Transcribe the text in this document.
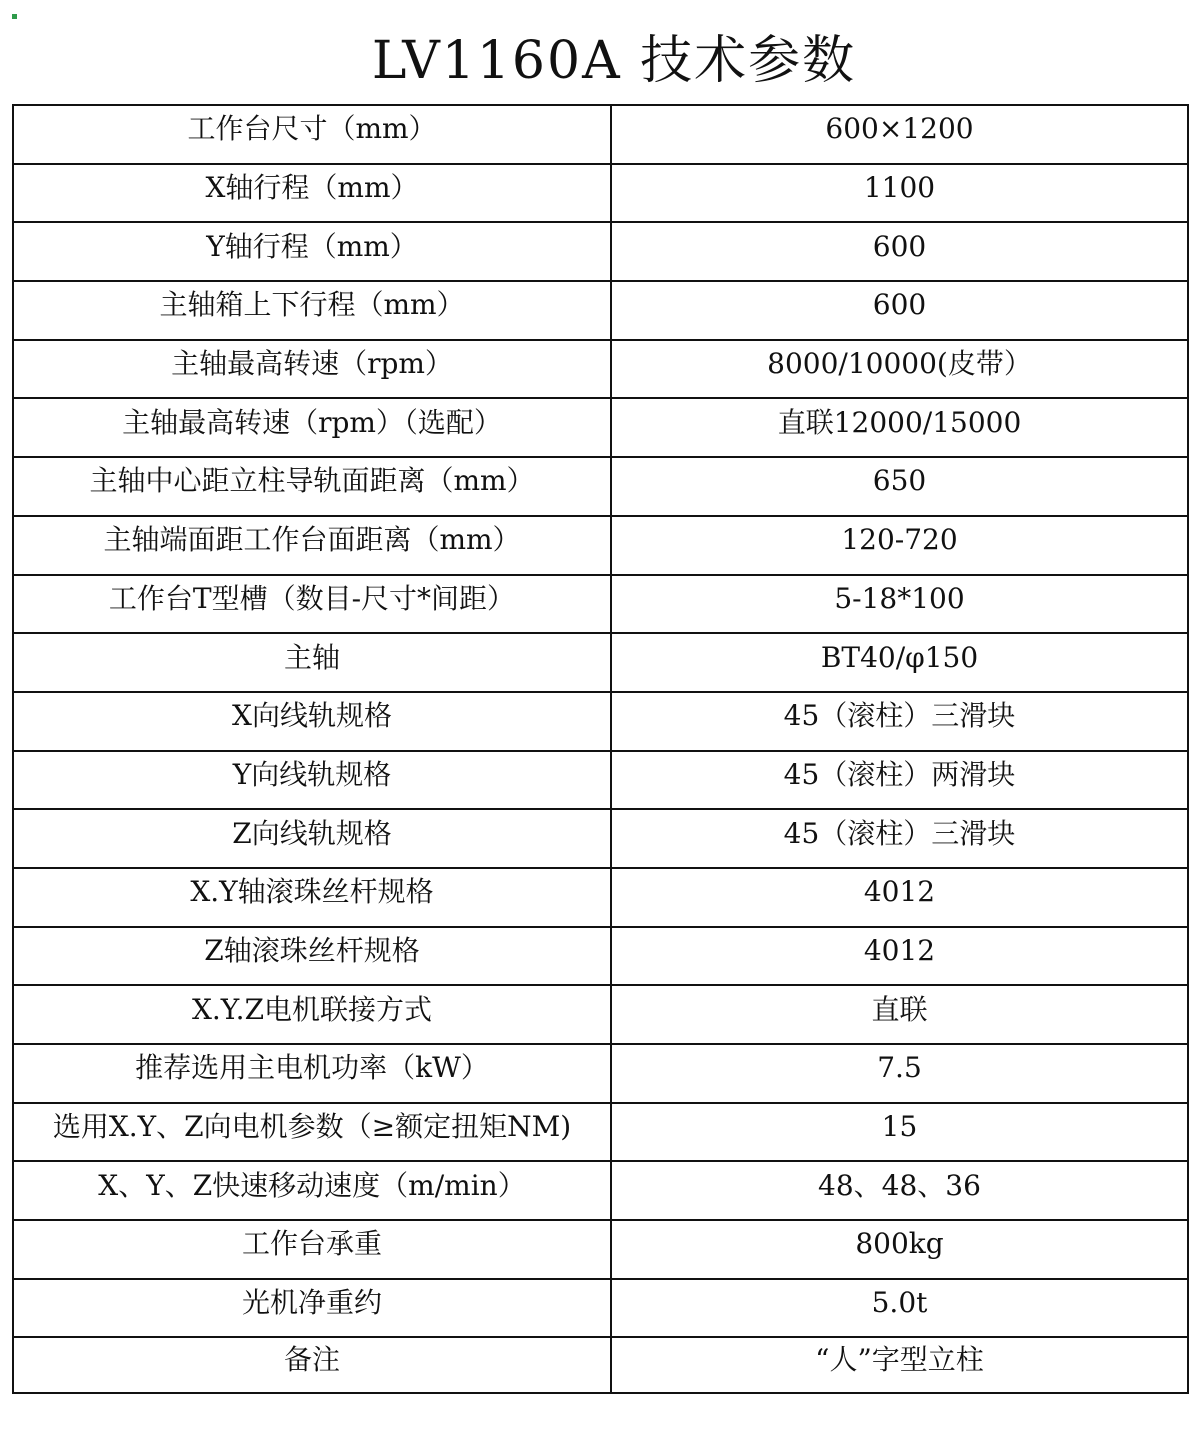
LV1160A 技术参数
工作台尺寸（mm）	600×1200
X轴行程（mm）	1100
Y轴行程（mm）	600
主轴箱上下行程（mm）	600
主轴最高转速（rpm）	8000/10000(皮带）
主轴最高转速（rpm）（选配）	直联12000/15000
主轴中心距立柱导轨面距离（mm）	650
主轴端面距工作台面距离（mm）	120-720
工作台T型槽（数目-尺寸*间距）	5-18*100
主轴	BT40/φ150
X向线轨规格	45（滚柱）三滑块
Y向线轨规格	45（滚柱）两滑块
Z向线轨规格	45（滚柱）三滑块
X.Y轴滚珠丝杆规格	4012
Z轴滚珠丝杆规格	4012
X.Y.Z电机联接方式	直联
推荐选用主电机功率（kW）	7.5
选用X.Y、Z向电机参数（≥额定扭矩NM)	15
X、Y、Z快速移动速度（m/min）	48、48、36
工作台承重	800kg
光机净重约	5.0t
备注	“人”字型立柱
